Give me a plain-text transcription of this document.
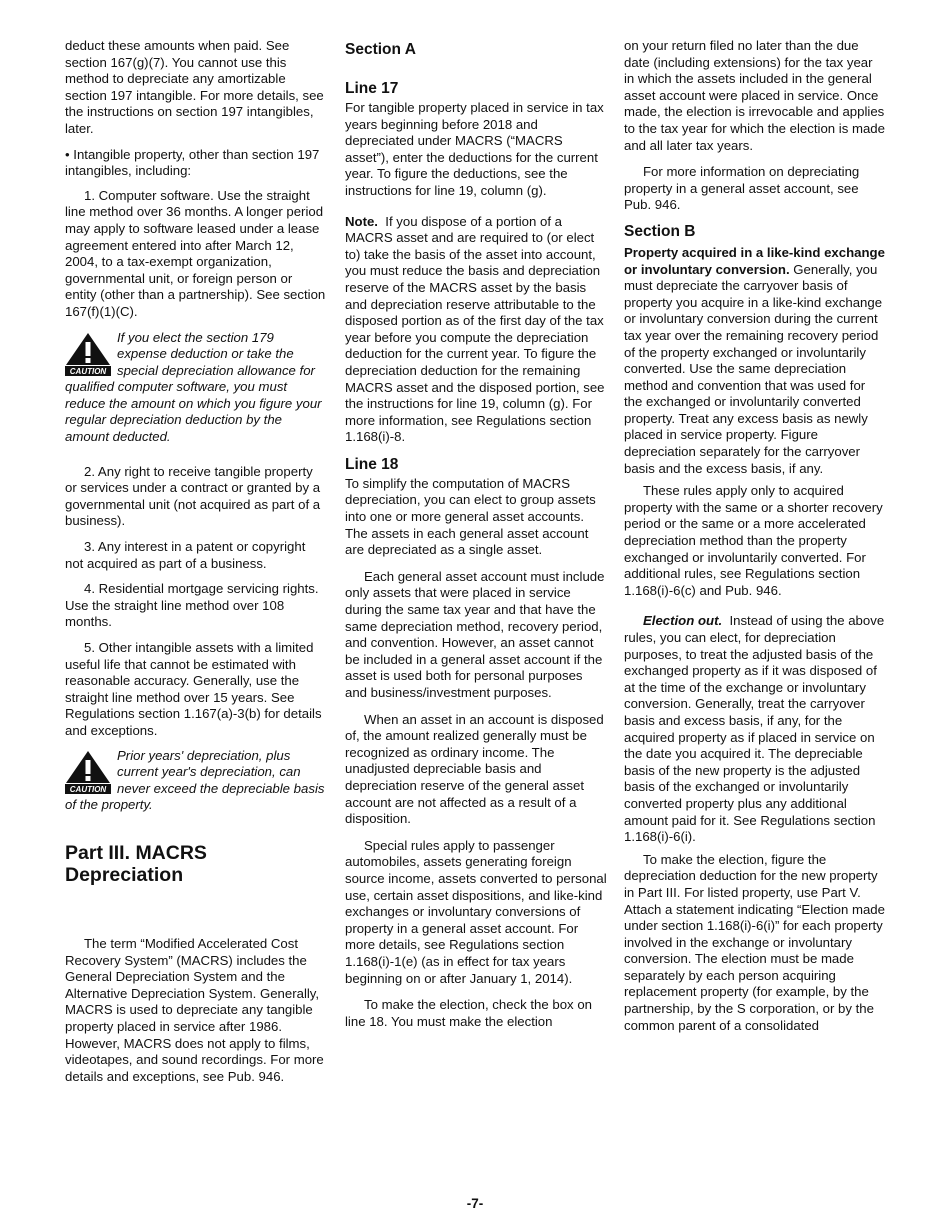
deduct these amounts when paid. See section 167(g)(7). You cannot use this method to depreciate any amortizable section 197 intangible. For more details, see the instructions on section 197 intangibles, later.

• Intangible property, other than section 197 intangibles, including:

1. Computer software. Use the straight line method over 36 months. A longer period may apply to software leased under a lease agreement entered into after March 12, 2004, to a tax-exempt organization, governmental unit, or foreign person or entity (other than a partnership). See section 167(f)(1)(C).

CAUTION
If you elect the section 179 expense deduction or take the special depreciation allowance for qualified computer software, you must reduce the amount on which you figure your regular depreciation deduction by the amount deducted.

2. Any right to receive tangible property or services under a contract or granted by a governmental unit (not acquired as part of a business).

3. Any interest in a patent or copyright not acquired as part of a business.

4. Residential mortgage servicing rights. Use the straight line method over 108 months.

5. Other intangible assets with a limited useful life that cannot be estimated with reasonable accuracy. Generally, use the straight line method over 15 years. See Regulations section 1.167(a)-3(b) for details and exceptions.

CAUTION
Prior years' depreciation, plus current year's depreciation, can never exceed the depreciable basis of the property.
Part III. MACRS Depreciation

The term “Modified Accelerated Cost Recovery System” (MACRS) includes the General Depreciation System and the Alternative Depreciation System. Generally, MACRS is used to depreciate any tangible property placed in service after 1986. However, MACRS does not apply to films, videotapes, and sound recordings. For more details and exceptions, see Pub. 946.

Section A
Line 17

For tangible property placed in service in tax years beginning before 2018 and depreciated under MACRS (“MACRS asset”), enter the deductions for the current year. To figure the deductions, see the instructions for line 19, column (g).

Note. If you dispose of a portion of a MACRS asset and are required to (or elect to) take the basis of the asset into account, you must reduce the basis and depreciation reserve of the MACRS asset by the basis and depreciation reserve attributable to the disposed portion as of the first day of the tax year before you compute the depreciation deduction for the current year. To figure the depreciation deduction for the remaining MACRS asset and the disposed portion, see the instructions for line 19, column (g). For more information, see Regulations section 1.168(i)-8.

Line 18

To simplify the computation of MACRS depreciation, you can elect to group assets into one or more general asset accounts. The assets in each general asset account are depreciated as a single asset.

Each general asset account must include only assets that were placed in service during the same tax year and that have the same depreciation method, recovery period, and convention. However, an asset cannot be included in a general asset account if the asset is used both for personal purposes and business/investment purposes.

When an asset in an account is disposed of, the amount realized generally must be recognized as ordinary income. The unadjusted depreciable basis and depreciation reserve of the general asset account are not affected as a result of a disposition.

Special rules apply to passenger automobiles, assets generating foreign source income, assets converted to personal use, certain asset dispositions, and like-kind exchanges or involuntary conversions of property in a general asset account. For more details, see Regulations section 1.168(i)-1(e) (as in effect for tax years beginning on or after January 1, 2014).

To make the election, check the box on line 18. You must make the election

on your return filed no later than the due date (including extensions) for the tax year in which the assets included in the general asset account were placed in service. Once made, the election is irrevocable and applies to the tax year for which the election is made and all later tax years.

For more information on depreciating property in a general asset account, see Pub. 946.

Section B

Property acquired in a like-kind exchange or involuntary conversion. Generally, you must depreciate the carryover basis of property you acquire in a like-kind exchange or involuntary conversion during the current tax year over the remaining recovery period of the property exchanged or involuntarily converted. Use the same depreciation method and convention that was used for the exchanged or involuntarily converted property. Treat any excess basis as newly placed in service property. Figure depreciation separately for the carryover basis and the excess basis, if any.

These rules apply only to acquired property with the same or a shorter recovery period or the same or a more accelerated depreciation method than the property exchanged or involuntarily converted. For additional rules, see Regulations section 1.168(i)-6(c) and Pub. 946.

Election out. Instead of using the above rules, you can elect, for depreciation purposes, to treat the adjusted basis of the exchanged property as if it was disposed of at the time of the exchange or involuntary conversion. Generally, treat the carryover basis and excess basis, if any, for the acquired property as if placed in service on the date you acquired it. The depreciable basis of the new property is the adjusted basis of the exchanged or involuntarily converted property plus any additional amount paid for it. See Regulations section 1.168(i)-6(i).

To make the election, figure the depreciation deduction for the new property in Part III. For listed property, use Part V. Attach a statement indicating “Election made under section 1.168(i)-6(i)” for each property involved in the exchange or involuntary conversion. The election must be made separately by each person acquiring replacement property (for example, by the partnership, by the S corporation, or by the common parent of a consolidated

-7-
